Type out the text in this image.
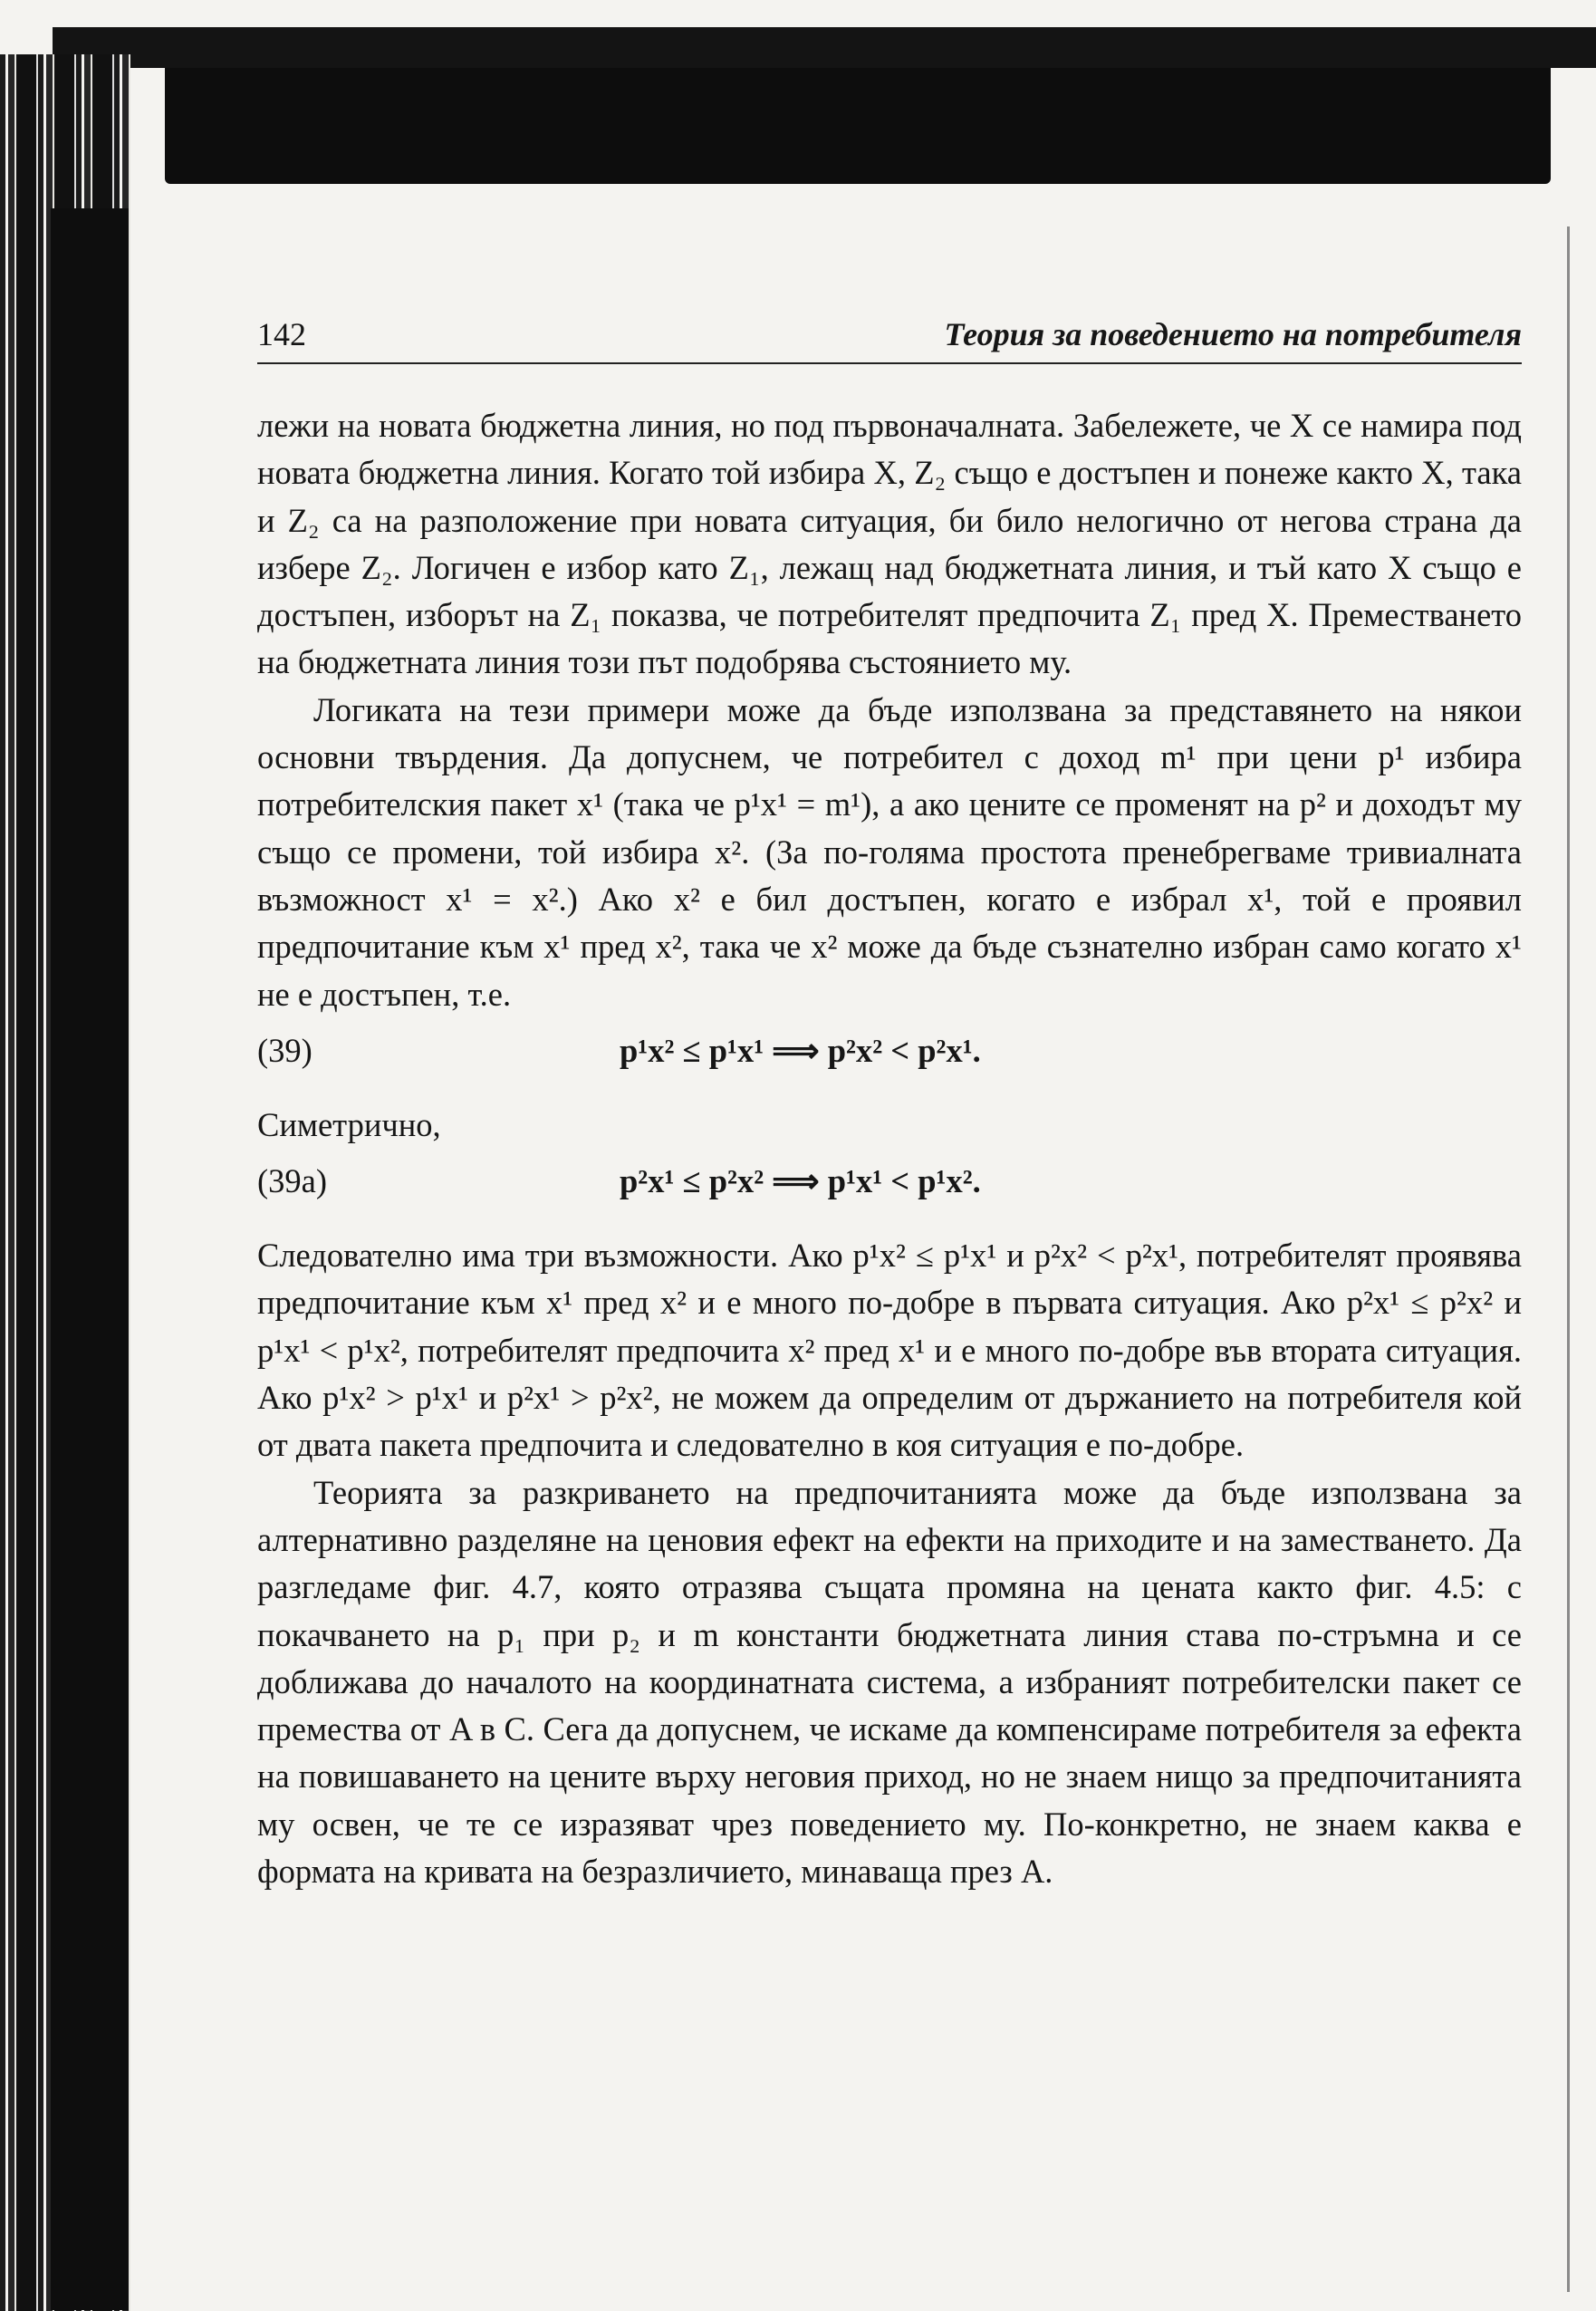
142	Теория за поведението на потребителя

лежи на новата бюджетна линия, но под първоначалната. Забележете, че X се намира под новата бюджетна линия. Когато той избира X, Z₂ също е достъпен и понеже както X, така и Z₂ са на разположение при новата ситуация, би било нелогично от негова страна да избере Z₂. Логичен е избор като Z₁, лежащ над бюджетната линия, и тъй като X също е достъпен, изборът на Z₁ показва, че потребителят предпочита Z₁ пред X. Преместването на бюджетната линия този път подобрява състоянието му.

Логиката на тези примери може да бъде използвана за представянето на някои основни твърдения. Да допуснем, че потребител с доход m¹ при цени p¹ избира потребителския пакет x¹ (така че p¹x¹ = m¹), а ако цените се променят на p² и доходът му също се промени, той избира x². (За по-голяма простота пренебрегваме тривиалната възможност x¹ = x².) Ако x² е бил достъпен, когато е избрал x¹, той е проявил предпочитание към x¹ пред x², така че x² може да бъде съзнателно избран само когато x¹ не е достъпен, т.е.

(39)	p¹x² ≤ p¹x¹ ⟹ p²x² < p²x¹.

Симетрично,

(39a)	p²x¹ ≤ p²x² ⟹ p¹x¹ < p¹x².

Следователно има три възможности. Ако p¹x² ≤ p¹x¹ и p²x² < p²x¹, потребителят проявява предпочитание към x¹ пред x² и е много по-добре в първата ситуация. Ако p²x¹ ≤ p²x² и p¹x¹ < p¹x², потребителят предпочита x² пред x¹ и е много по-добре във втората ситуация. Ако p¹x² > p¹x¹ и p²x¹ > p²x², не можем да определим от държанието на потребителя кой от двата пакета предпочита и следователно в коя ситуация е по-добре.

Теорията за разкриването на предпочитанията може да бъде използвана за алтернативно разделяне на ценовия ефект на ефекти на приходите и на заместването. Да разгледаме фиг. 4.7, която отразява същата промяна на цената както фиг. 4.5: с покачването на p₁ при p₂ и m константи бюджетната линия става по-стръмна и се доближава до началото на координатната система, а избраният потребителски пакет се премества от A в C. Сега да допуснем, че искаме да компенсираме потребителя за ефекта на повишаването на цените върху неговия приход, но не знаем нищо за предпочитанията му освен, че те се изразяват чрез поведението му. По-конкретно, не знаем каква е формата на кривата на безразличието, минаваща през A.
